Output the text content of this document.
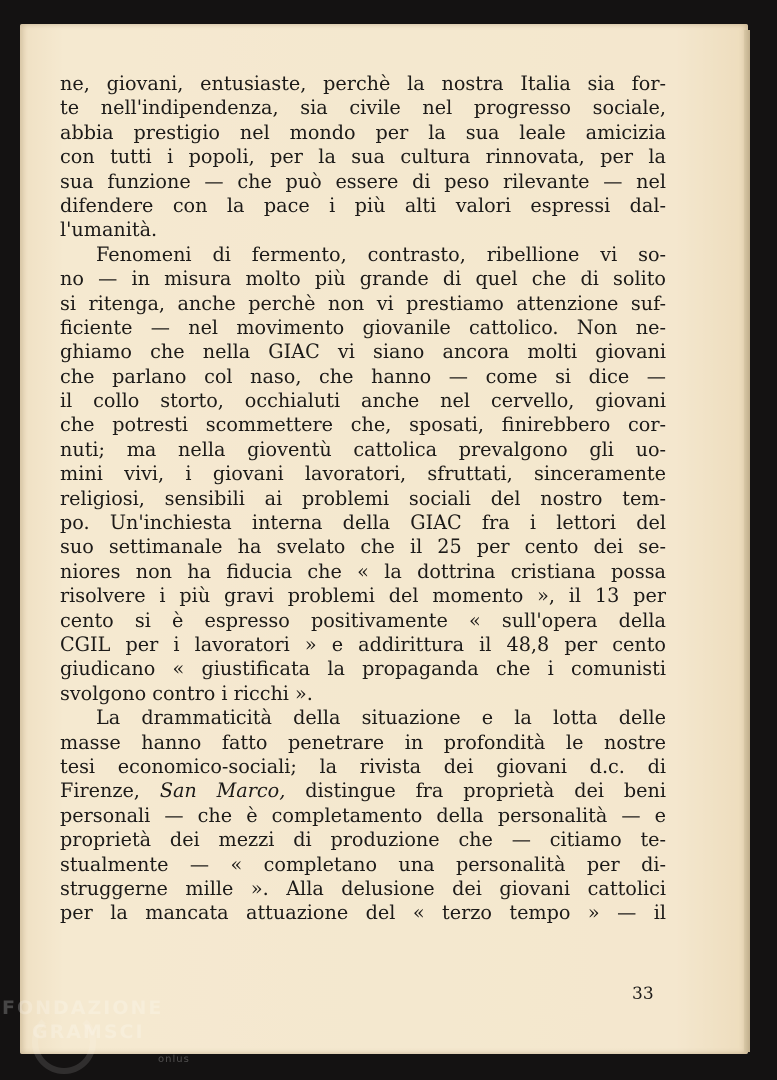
ne, giovani, entusiaste, perchè la nostra Italia sia for-
te nell'indipendenza, sia civile nel progresso sociale,
abbia prestigio nel mondo per la sua leale amicizia
con tutti i popoli, per la sua cultura rinnovata, per la
sua funzione — che può essere di peso rilevante — nel
difendere con la pace i più alti valori espressi dal-
l'umanità.
Fenomeni di fermento, contrasto, ribellione vi so-
no — in misura molto più grande di quel che di solito
si ritenga, anche perchè non vi prestiamo attenzione suf-
ficiente — nel movimento giovanile cattolico. Non ne-
ghiamo che nella GIAC vi siano ancora molti giovani
che parlano col naso, che hanno — come si dice —
il collo storto, occhialuti anche nel cervello, giovani
che potresti scommettere che, sposati, finirebbero cor-
nuti; ma nella gioventù cattolica prevalgono gli uo-
mini vivi, i giovani lavoratori, sfruttati, sinceramente
religiosi, sensibili ai problemi sociali del nostro tem-
po. Un'inchiesta interna della GIAC fra i lettori del
suo settimanale ha svelato che il 25 per cento dei se-
niores non ha fiducia che « la dottrina cristiana possa
risolvere i più gravi problemi del momento », il 13 per
cento si è espresso positivamente « sull'opera della
CGIL per i lavoratori » e addirittura il 48,8 per cento
giudicano « giustificata la propaganda che i comunisti
svolgono contro i ricchi ».
La drammaticità della situazione e la lotta delle
masse hanno fatto penetrare in profondità le nostre
tesi economico-sociali; la rivista dei giovani d.c. di
Firenze, San Marco, distingue fra proprietà dei beni
personali — che è completamento della personalità — e
proprietà dei mezzi di produzione che — citiamo te-
stualmente — « completano una personalità per di-
struggerne mille ». Alla delusione dei giovani cattolici
per la mancata attuazione del « terzo tempo » — il
33
FONDAZIONE
GRAMSCI
onlus
